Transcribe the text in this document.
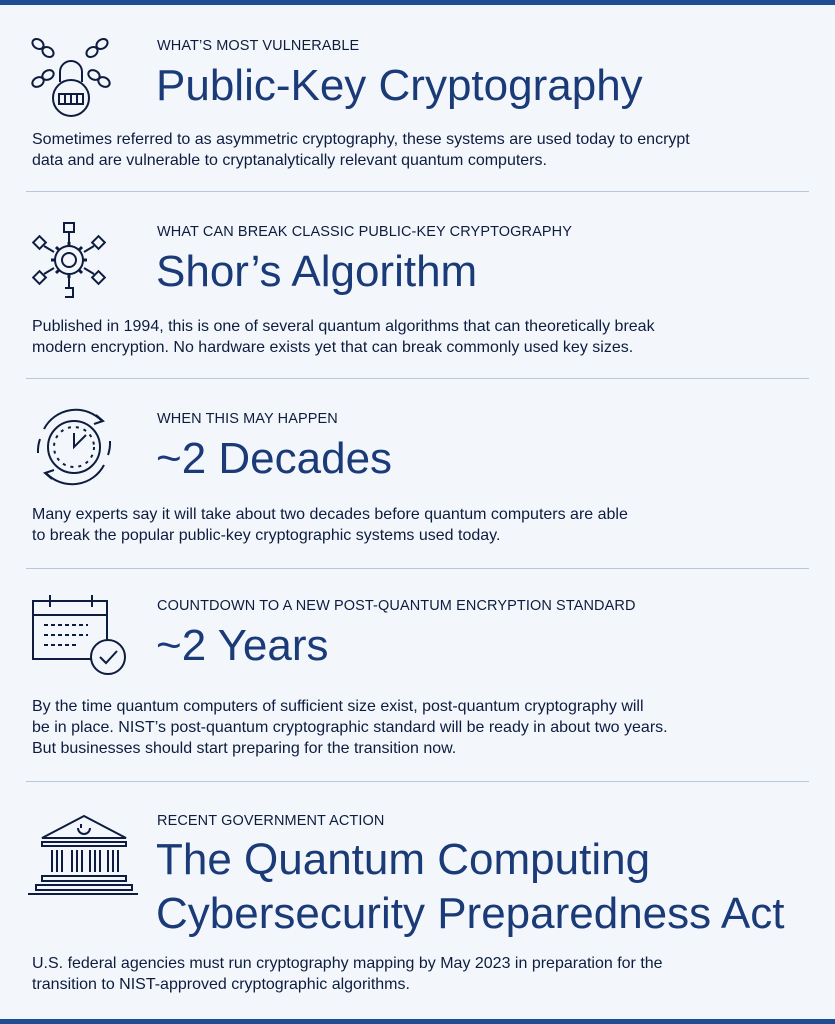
WHAT’S MOST VULNERABLE
Public-Key Cryptography
Sometimes referred to as asymmetric cryptography, these systems are used today to encrypt
data and are vulnerable to cryptanalytically relevant quantum computers.
WHAT CAN BREAK CLASSIC PUBLIC-KEY CRYPTOGRAPHY
Shor’s Algorithm
Published in 1994, this is one of several quantum algorithms that can theoretically break
modern encryption. No hardware exists yet that can break commonly used key sizes.
WHEN THIS MAY HAPPEN
~2 Decades
Many experts say it will take about two decades before quantum computers are able
to break the popular public-key cryptographic systems used today.
COUNTDOWN TO A NEW POST-QUANTUM ENCRYPTION STANDARD
~2 Years
By the time quantum computers of sufficient size exist, post-quantum cryptography will
be in place. NIST’s post-quantum cryptographic standard will be ready in about two years.
But businesses should start preparing for the transition now.
RECENT GOVERNMENT ACTION
The Quantum Computing
Cybersecurity Preparedness Act
U.S. federal agencies must run cryptography mapping by May 2023 in preparation for the
transition to NIST-approved cryptographic algorithms.
